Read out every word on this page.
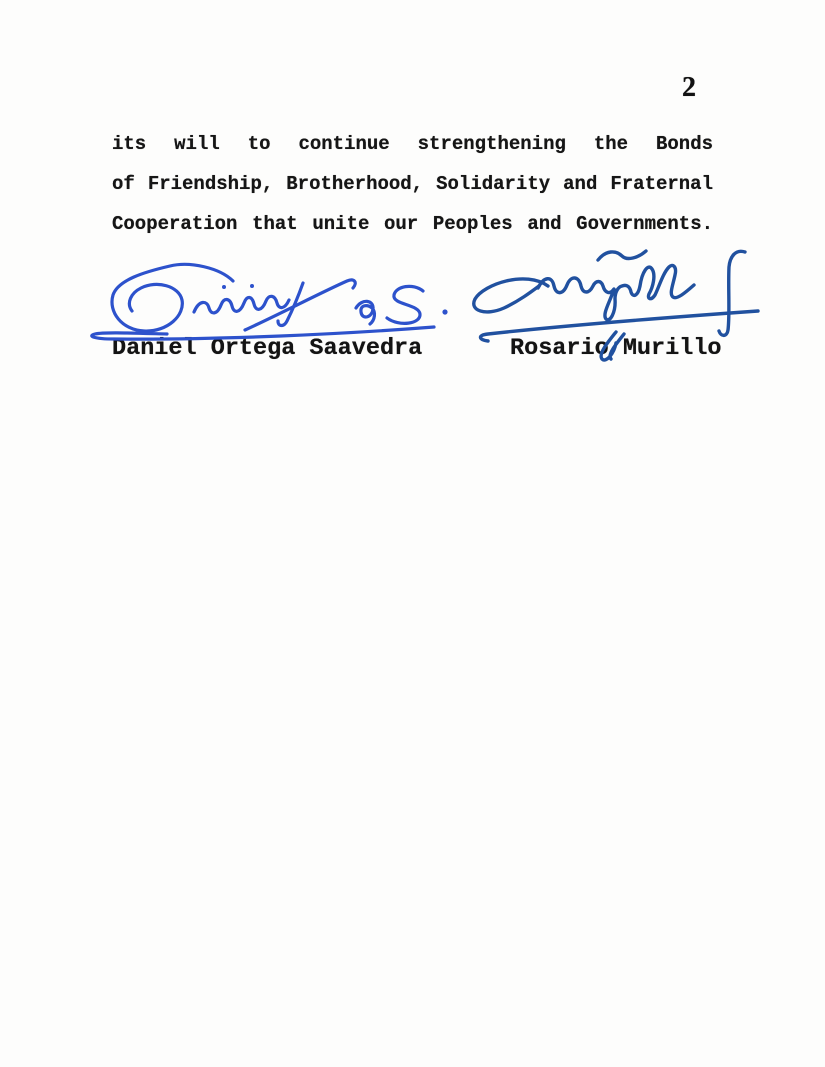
2
its will to continue strengthening the Bonds
of Friendship, Brotherhood, Solidarity and Fraternal
Cooperation that unite our Peoples and Governments.
Daniel Ortega Saavedra	Rosario Murillo
